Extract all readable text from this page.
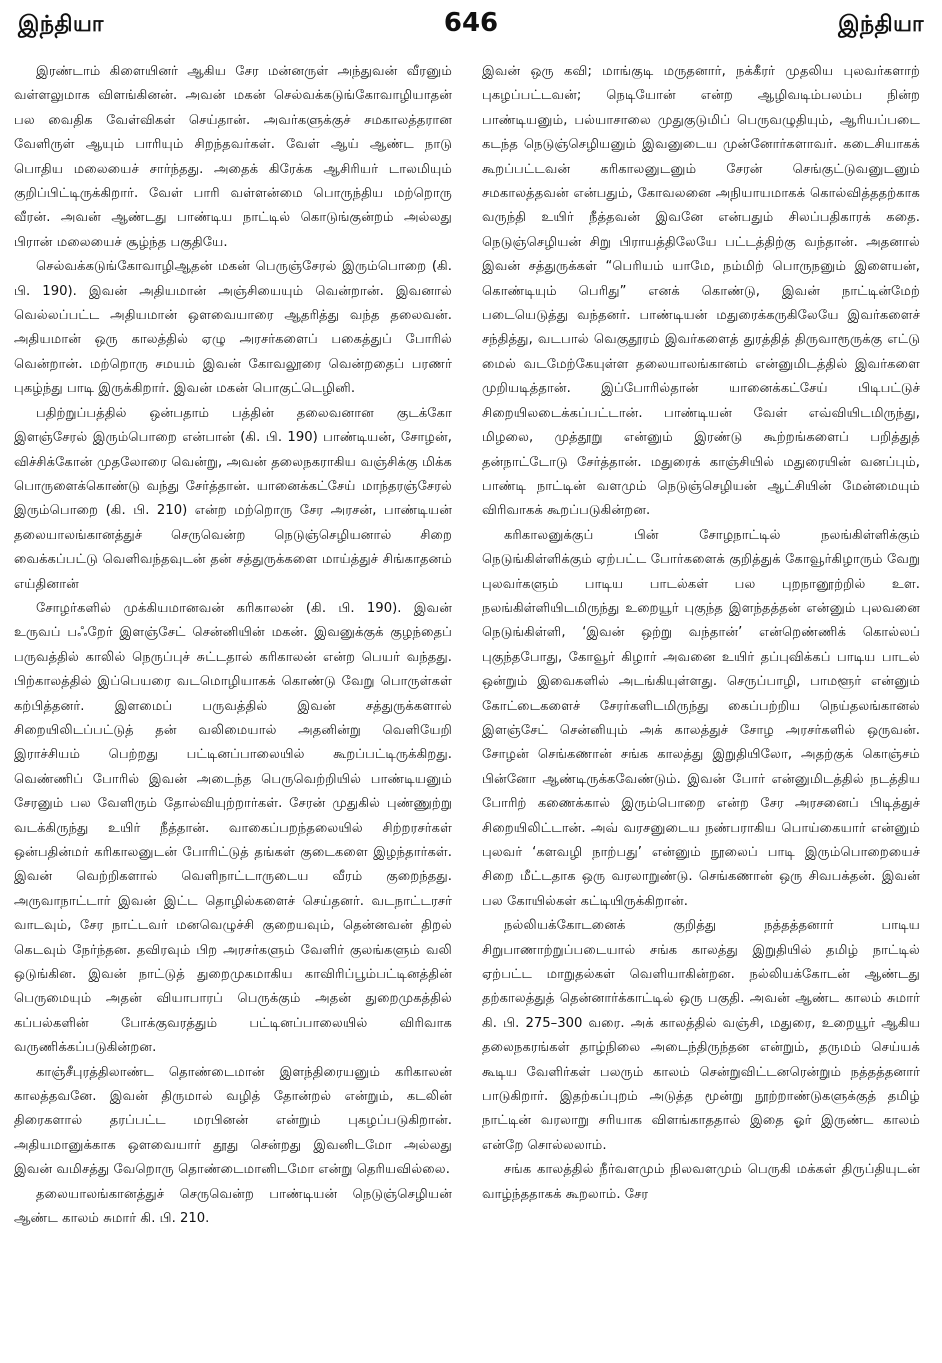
இந்தியா	646	இந்தியா

இரண்டாம் கிளையினர் ஆகிய சேர மன்னருள் அந்துவன் வீரனும் வள்ளலுமாக விளங்கினன். அவன் மகன் செல்வக்கடுங்கோவாழியாதன் பல வைதிக வேள்விகள் செய்தான். அவர்களுக்குச் சமகாலத்தரான வேளிருள் ஆயும் பாரியும் சிறந்தவர்கள். வேள் ஆய் ஆண்ட நாடு பொதிய மலையைச் சார்ந்தது. அதைக் கிரேக்க ஆசிரியர் டாலமியும் குறிப்பிட்டிருக்கிறார். வேள் பாரி வள்ளன்மை பொருந்திய மற்றொரு வீரன். அவன் ஆண்டது பாண்டிய நாட்டில் கொடுங்குன்றம் அல்லது பிரான் மலையைச் சூழ்ந்த பகுதியே.

செல்வக்கடுங்கோவாழிஆதன் மகன் பெருஞ்சேரல் இரும்பொறை (கி. பி. 190). இவன் அதியமான் அஞ்சியையும் வென்றான். இவனால் வெல்லப்பட்ட அதியமான் ஒளவையாரை ஆதரித்து வந்த தலைவன். அதியமான் ஒரு காலத்தில் ஏழு அரசர்களைப் பகைத்துப் போரில் வென்றான். மற்றொரு சமயம் இவன் கோவலூரை வென்றதைப் பரணர் புகழ்ந்து பாடி இருக்கிறார். இவன் மகன் பொகுட்டெழினி.

பதிற்றுப்பத்தில் ஒன்பதாம் பத்தின் தலைவனான குடக்கோ இளஞ்சேரல் இரும்பொறை என்பான் (கி. பி. 190) பாண்டியன், சோழன், விச்சிக்கோன் முதலோரை வென்று, அவன் தலைநகராகிய வஞ்சிக்கு மிக்க பொருளைக்கொண்டு வந்து சேர்த்தான். யானைக்கட்சேய் மாந்தரஞ்சேரல் இரும்பொறை (கி. பி. 210) என்ற மற்றொரு சேர அரசன், பாண்டியன் தலையாலங்கானத்துச் செருவென்ற நெடுஞ்செழியனால் சிறை வைக்கப்பட்டு வெளிவந்தவுடன் தன் சத்துருக்களை மாய்த்துச் சிங்காதனம் எய்தினான்

சோழர்களில் முக்கியமானவன் கரிகாலன் (கி. பி. 190). இவன் உருவப் பஃறேர் இளஞ்சேட் சென்னியின் மகன். இவனுக்குக் குழந்தைப் பருவத்தில் காலில் நெருப்புச் சுட்டதால் கரிகாலன் என்ற பெயர் வந்தது. பிற்காலத்தில் இப்பெயரை வடமொழியாகக் கொண்டு வேறு பொருள்கள் கற்பித்தனர். இளமைப் பருவத்தில் இவன் சத்துருக்களால் சிறையிலிடப்பட்டுத் தன் வலிமையால் அதனின்று வெளியேறி இராச்சியம் பெற்றது பட்டினப்பாலையில் கூறப்பட்டிருக்கிறது. வெண்ணிப் போரில் இவன் அடைந்த பெருவெற்றியில் பாண்டியனும் சேரனும் பல வேளிரும் தோல்வியுற்றார்கள். சேரன் முதுகில் புண்ணுற்று வடக்கிருந்து உயிர் நீத்தான். வாகைப்பறந்தலையில் சிற்றரசர்கள் ஒன்பதின்மர் கரிகாலனுடன் போரிட்டுத் தங்கள் குடைகளை இழந்தார்கள். இவன் வெற்றிகளால் வெளிநாட்டாருடைய வீரம் குறைந்தது. அருவாநாட்டார் இவன் இட்ட தொழில்களைச் செய்தனர். வடநாட்டரசர் வாடவும், சேர நாட்டவர் மனவெழுச்சி குறையவும், தென்னவன் திறல் கெடவும் நேர்ந்தன. தவிரவும் பிற அரசர்களும் வேளிர் குலங்களும் வலி ஒடுங்கின. இவன் நாட்டுத் துறைமுகமாகிய காவிரிப்பூம்பட்டினத்தின் பெருமையும் அதன் வியாபாரப் பெருக்கும் அதன் துறைமுகத்தில் கப்பல்களின் போக்குவரத்தும் பட்டினப்பாலையில் விரிவாக வருணிக்கப்படுகின்றன.

காஞ்சீபுரத்திலாண்ட தொண்டைமான் இளந்திரையனும் கரிகாலன் காலத்தவனே. இவன் திருமால் வழித் தோன்றல் என்றும், கடலின் திரைகளால் தரப்பட்ட மரபினன் என்றும் புகழப்படுகிறான். அதியமானுக்காக ஒளவையார் தூது சென்றது இவனிடமோ அல்லது இவன் வமிசத்து வேறொரு தொண்டைமானிடமோ என்று தெரியவில்லை.

தலையாலங்கானத்துச் செருவென்ற பாண்டியன் நெடுஞ்செழியன் ஆண்ட காலம் சுமார் கி. பி. 210.

இவன் ஒரு கவி; மாங்குடி மருதனார், நக்கீரர் முதலிய புலவர்களாற் புகழப்பட்டவன்; நெடியோன் என்ற ஆழிவடிம்பலம்ப நின்ற பாண்டியனும், பல்யாசாலை முதுகுடுமிப் பெருவழுதியும், ஆரியப்படை கடந்த நெடுஞ்செழியனும் இவனுடைய முன்னோர்களாவர். கடைசியாகக் கூறப்பட்டவன் கரிகாலனுடனும் சேரன் செங்குட்டுவனுடனும் சமகாலத்தவன் என்பதும், கோவலனை அநியாயமாகக் கொல்வித்ததற்காக வருந்தி உயிர் நீத்தவன் இவனே என்பதும் சிலப்பதிகாரக் கதை. நெடுஞ்செழியன் சிறு பிராயத்திலேயே பட்டத்திற்கு வந்தான். அதனால் இவன் சத்துருக்கள் “பெரியம் யாமே, நம்மிற் பொருநனும் இளையன், கொண்டியும் பெரிது” எனக் கொண்டு, இவன் நாட்டின்மேற் படையெடுத்து வந்தனர். பாண்டியன் மதுரைக்கருகிலேயே இவர்களைச் சந்தித்து, வடபால் வெகுதூரம் இவர்களைத் துரத்தித் திருவாரூருக்கு எட்டு மைல் வடமேற்கேயுள்ள தலையாலங்கானம் என்னுமிடத்தில் இவர்களை முறியடித்தான். இப்போரில்தான் யானைக்கட்சேய் பிடிபட்டுச் சிறையிலடைக்கப்பட்டான். பாண்டியன் வேள் எவ்வியிடமிருந்து, மிழலை, முத்தூறு என்னும் இரண்டு கூற்றங்களைப் பறித்துத் தன்நாட்டோடு சேர்த்தான். மதுரைக் காஞ்சியில் மதுரையின் வனப்பும், பாண்டி நாட்டின் வளமும் நெடுஞ்செழியன் ஆட்சியின் மேன்மையும் விரிவாகக் கூறப்படுகின்றன.

கரிகாலனுக்குப் பின் சோழநாட்டில் நலங்கிள்ளிக்கும் நெடுங்கிள்ளிக்கும் ஏற்பட்ட போர்களைக் குறித்துக் கோவூர்கிழாரும் வேறு புலவர்களும் பாடிய பாடல்கள் பல புறநானூற்றில் உள. நலங்கிள்ளியிடமிருந்து உறையூர் புகுந்த இளந்தத்தன் என்னும் புலவனை நெடுங்கிள்ளி, ‘இவன் ஒற்று வந்தான்’ என்றெண்ணிக் கொல்லப் புகுந்தபோது, கோவூர் கிழார் அவனை உயிர் தப்புவிக்கப் பாடிய பாடல் ஒன்றும் இவைகளில் அடங்கியுள்ளது. செருப்பாழி, பாமளூர் என்னும் கோட்டைகளைச் சேரர்களிடமிருந்து கைப்பற்றிய நெய்தலங்கானல் இளஞ்சேட் சென்னியும் அக் காலத்துச் சோழ அரசர்களில் ஒருவன். சோழன் செங்கணான் சங்க காலத்து இறுதியிலோ, அதற்குக் கொஞ்சம் பின்னோ ஆண்டிருக்கவேண்டும். இவன் போர் என்னுமிடத்தில் நடத்திய போரிற் கணைக்கால் இரும்பொறை என்ற சேர அரசனைப் பிடித்துச் சிறையிலிட்டான். அவ் வரசனுடைய நண்பராகிய பொய்கையார் என்னும் புலவர் ‘களவழி நாற்பது’ என்னும் நூலைப் பாடி இரும்பொறையைச் சிறை மீட்டதாக ஒரு வரலாறுண்டு. செங்கணான் ஒரு சிவபக்தன். இவன் பல கோயில்கள் கட்டியிருக்கிறான்.

நல்லியக்கோடனைக் குறித்து நத்தத்தனார் பாடிய சிறுபாணாற்றுப்படையால் சங்க காலத்து இறுதியில் தமிழ் நாட்டில் ஏற்பட்ட மாறுதல்கள் வெளியாகின்றன. நல்லியக்கோடன் ஆண்டது தற்காலத்துத் தென்னார்க்காட்டில் ஒரு பகுதி. அவன் ஆண்ட காலம் சுமார் கி. பி. 275–300 வரை. அக் காலத்தில் வஞ்சி, மதுரை, உறையூர் ஆகிய தலைநகரங்கள் தாழ்நிலை அடைந்திருந்தன என்றும், தருமம் செய்யக் கூடிய வேளிர்கள் பலரும் காலம் சென்றுவிட்டனரென்றும் நத்தத்தனார் பாடுகிறார். இதற்கப்புறம் அடுத்த மூன்று நூற்றாண்டுகளுக்குத் தமிழ் நாட்டின் வரலாறு சரியாக விளங்காததால் இதை ஓர் இருண்ட காலம் என்றே சொல்லலாம்.

சங்க காலத்தில் நீர்வளமும் நிலவளமும் பெருகி மக்கள் திருப்தியுடன் வாழ்ந்ததாகக் கூறலாம். சேர
